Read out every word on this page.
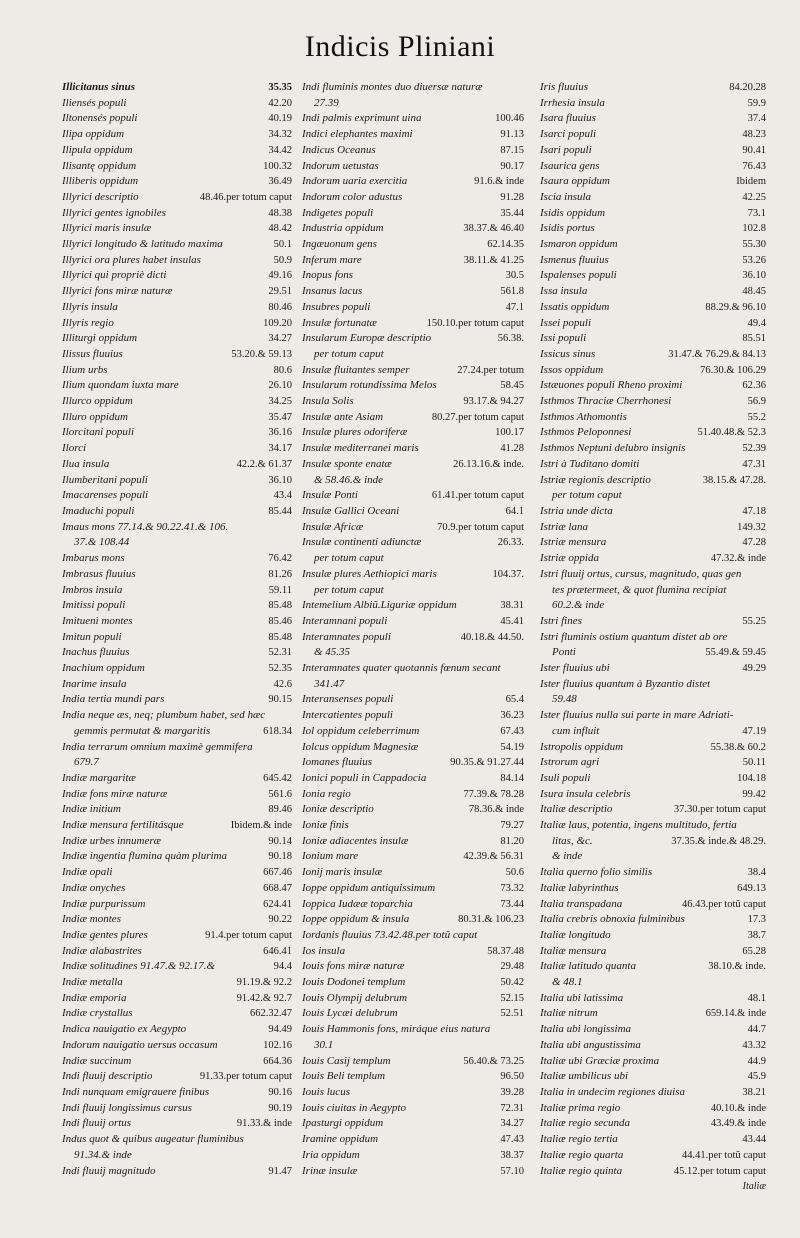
Indicis Pliniani
Illicitanus sinus	35.35
Iliensés populi	42.20
Iltonensés populi	40.19
Ilipa oppidum	34.32
Ilipula oppidum	34.42
Ilisantę oppidum	100.32
Illiberis oppidum	36.49
Illyrici descriptio	48.46.per totum caput
Illyrici gentes ignobiles	48.38
Illyrici maris insulæ	48.42
Illyrici longitudo & latitudo maxima	50.1
Illyrici ora plures habet insulas	50.9
Illyrici qui propriè dicti	49.16
Illyrici fons miræ naturæ	29.51
Illyris insula	80.46
Illyris regio	109.20
Illiturgi oppidum	34.27
Ilissus fluuius	53.20.& 59.13
Ilium urbs	80.6
Ilium quondam iuxta mare	26.10
Illurco oppidum	34.25
Illuro oppidum	35.47
Ilorcitani populi	36.16
Ilorci	34.17
Ilua insula	42.2.& 61.37
Ilumberitani populi	36.10
Imacarenses populi	43.4
Imaduchi populi	85.44
Imaus mons 77.14.& 90.22.41.& 106.
37.& 108.44
Imbarus mons	76.42
Imbrasus fluuius	81.26
Imbros insula	59.11
Imitissi populi	85.48
Imituenì montes	85.46
Imitun populi	85.48
Inachus fluuius	52.31
Inachium oppidum	52.35
Inarime insula	42.6
India tertia mundi pars	90.15
India neque æs, neq; plumbum habet, sed hæc
gemmis permutat & margaritis	618.34
India terrarum omnium maximè gemmifera
679.7
Indiæ margaritæ	645.42
Indiæ fons miræ naturæ	561.6
Indiæ initium	89.46
Indiæ mensura fertilitásque	Ibidem.& inde
Indiæ urbes innumeræ	90.14
Indiæ ingentia flumina quàm plurima	90.18
Indiæ opali	667.46
Indiæ onyches	668.47
Indiæ purpurissum	624.41
Indiæ montes	90.22
Indiæ gentes plures	91.4.per totum caput
Indiæ alabastrites	646.41
Indiæ solitudines 91.47.& 92.17.&	94.4
Indiæ metalla	91.19.& 92.2
Indiæ emporia	91.42.& 92.7
Indiæ crystallus	662.32.47
Indica nauigatio ex Aegypto	94.49
Indorum nauigatio uersus occasum	102.16
Indiæ succinum	664.36
Indi fluuij descriptio	91.33.per totum caput
Indi nunquam emigrauere finibus	90.16
Indi fluuij longissimus cursus	90.19
Indi fluuij ortus	91.33.& inde
Indus quot & quibus augeatur fluminibus
91.34.& inde
Indi fluuij magnitudo	91.47
Indi fluminis montes duo diuersæ naturæ
27.39
Indi palmis exprimunt uina	100.46
Indici elephantes maximi	91.13
Indicus Oceanus	87.15
Indorum uetustas	90.17
Indorum uaria exercitia	91.6.& inde
Indorum color adustus	91.28
Indigetes populi	35.44
Industria oppidum	38.37.& 46.40
Ingæuonum gens	62.14.35
Inferum mare	38.11.& 41.25
Inopus fons	30.5
Insanus lacus	561.8
Insubres populi	47.1
Insulæ fortunatæ	150.10.per totum caput
Insularum Europæ descriptio	56.38.
per totum caput
Insulæ fluitantes semper	27.24.per totum
Insularum rotundissima Melos	58.45
Insula Solis	93.17.& 94.27
Insulæ ante Asiam	80.27.per totum caput
Insulæ plures odoriferæ	100.17
Insulæ mediterranei maris	41.28
Insulæ sponte enatæ	26.13.16.& inde.
& 58.46.& inde
Insulæ Ponti	61.41.per totum caput
Insulæ Gallici Oceani	64.1
Insulæ Africæ	70.9.per totum caput
Insulæ continenti adiunctæ	26.33.
per totum caput
Insulæ plures Aethiopici maris	104.37.
per totum caput
Intemelium Albiũ.Liguriæ oppidum	38.31
Interamnani populi	45.41
Interamnates populi	40.18.& 44.50.
& 45.35
Interamnates quater quotannis fœnum secant
341.47
Interansenses populi	65.4
Intercatientes populi	36.23
Iol oppidum celeberrimum	67.43
Iolcus oppidum Magnesiæ	54.19
Iomanes fluuius	90.35.& 91.27.44
Ionici populi in Cappadocia	84.14
Ionia regio	77.39.& 78.28
Ioniæ descriptio	78.36.& inde
Ioniæ finis	79.27
Ioniæ adiacentes insulæ	81.20
Ionium mare	42.39.& 56.31
Ionij maris insulæ	50.6
Ioppe oppidum antiquissimum	73.32
Ioppica Iudææ toparchia	73.44
Ioppe oppidum & insula	80.31.& 106.23
Iordanis fluuius 73.42.48.per totũ caput
Ios insula	58.37.48
Iouis fons miræ naturæ	29.48
Iouis Dodonei templum	50.42
Iouis Olympij delubrum	52.15
Iouis Lycæi delubrum	52.51
Iouis Hammonis fons, miráque eius natura
30.1
Iouis Casij templum	56.40.& 73.25
Iouis Beli templum	96.50
Iouis lucus	39.28
Iouis ciuitas in Aegypto	72.31
Ipasturgi oppidum	34.27
Iramine oppidum	47.43
Iria oppidum	38.37
Irinæ insulæ	57.10
Iris fluuius	84.20.28
Irrhesia insula	59.9
Isara fluuius	37.4
Isarci populi	48.23
Isari populi	90.41
Isaurica gens	76.43
Isaura oppidum	Ibidem
Iscia insula	42.25
Isidis oppidum	73.1
Isidis portus	102.8
Ismaron oppidum	55.30
Ismenus fluuius	53.26
Ispalenses populi	36.10
Issa insula	48.45
Issatis oppidum	88.29.& 96.10
Issei populi	49.4
Issi populi	85.51
Issicus sinus	31.47.& 76.29.& 84.13
Issos oppidum	76.30.& 106.29
Istæuones populi Rheno proximi	62.36
Isthmos Thraciæ Cherrhonesi	56.9
Isthmos Athomontis	55.2
Isthmos Peloponnesi	51.40.48.& 52.3
Isthmos Neptuni delubro insignis	52.39
Istri à Tuditano domiti	47.31
Istriæ regionis descriptio	38.15.& 47.28.
per totum caput
Istria unde dicta	47.18
Istriæ lana	149.32
Istriæ mensura	47.28
Istriæ oppida	47.32.& inde
Istri fluuij ortus, cursus, magnitudo, quas gen
tes prætermeet, & quot flumina recipiat
60.2.& inde
Istri fines	55.25
Istri fluminis ostium quantum distet ab ore
Ponti	55.49.& 59.45
Ister fluuius ubi	49.29
Ister fluuius quantum à Byzantio distet
59.48
Ister fluuius nulla sui parte in mare Adriati-
cum influit	47.19
Istropolis oppidum	55.38.& 60.2
Istrorum agri	50.11
Isuli populi	104.18
Isura insula celebris	99.42
Italiæ descriptio	37.30.per totum caput
Italiæ laus, potentia, ingens multitudo, fertia
litas, &c.	37.35.& inde.& 48.29.
& inde
Italia querno folio similis	38.4
Italiæ labyrinthus	649.13
Italia transpadana	46.43.per totũ caput
Italia crebris obnoxia fulminibus	17.3
Italiæ longitudo	38.7
Italiæ mensura	65.28
Italiæ latitudo quanta	38.10.& inde.
& 48.1
Italia ubi latissima	48.1
Italiæ nitrum	659.14.& inde
Italia ubi longissima	44.7
Italia ubi angustissima	43.32
Italiæ ubi Græciæ proxima	44.9
Italiæ umbilicus ubi	45.9
Italia in undecim regiones diuisa	38.21
Italiæ prima regio	40.10.& inde
Italiæ regio secunda	43.49.& inde
Italiæ regio tertia	43.44
Italiæ regio quarta	44.41.per totũ caput
Italiæ regio quinta	45.12.per totum caput
Italiæ
